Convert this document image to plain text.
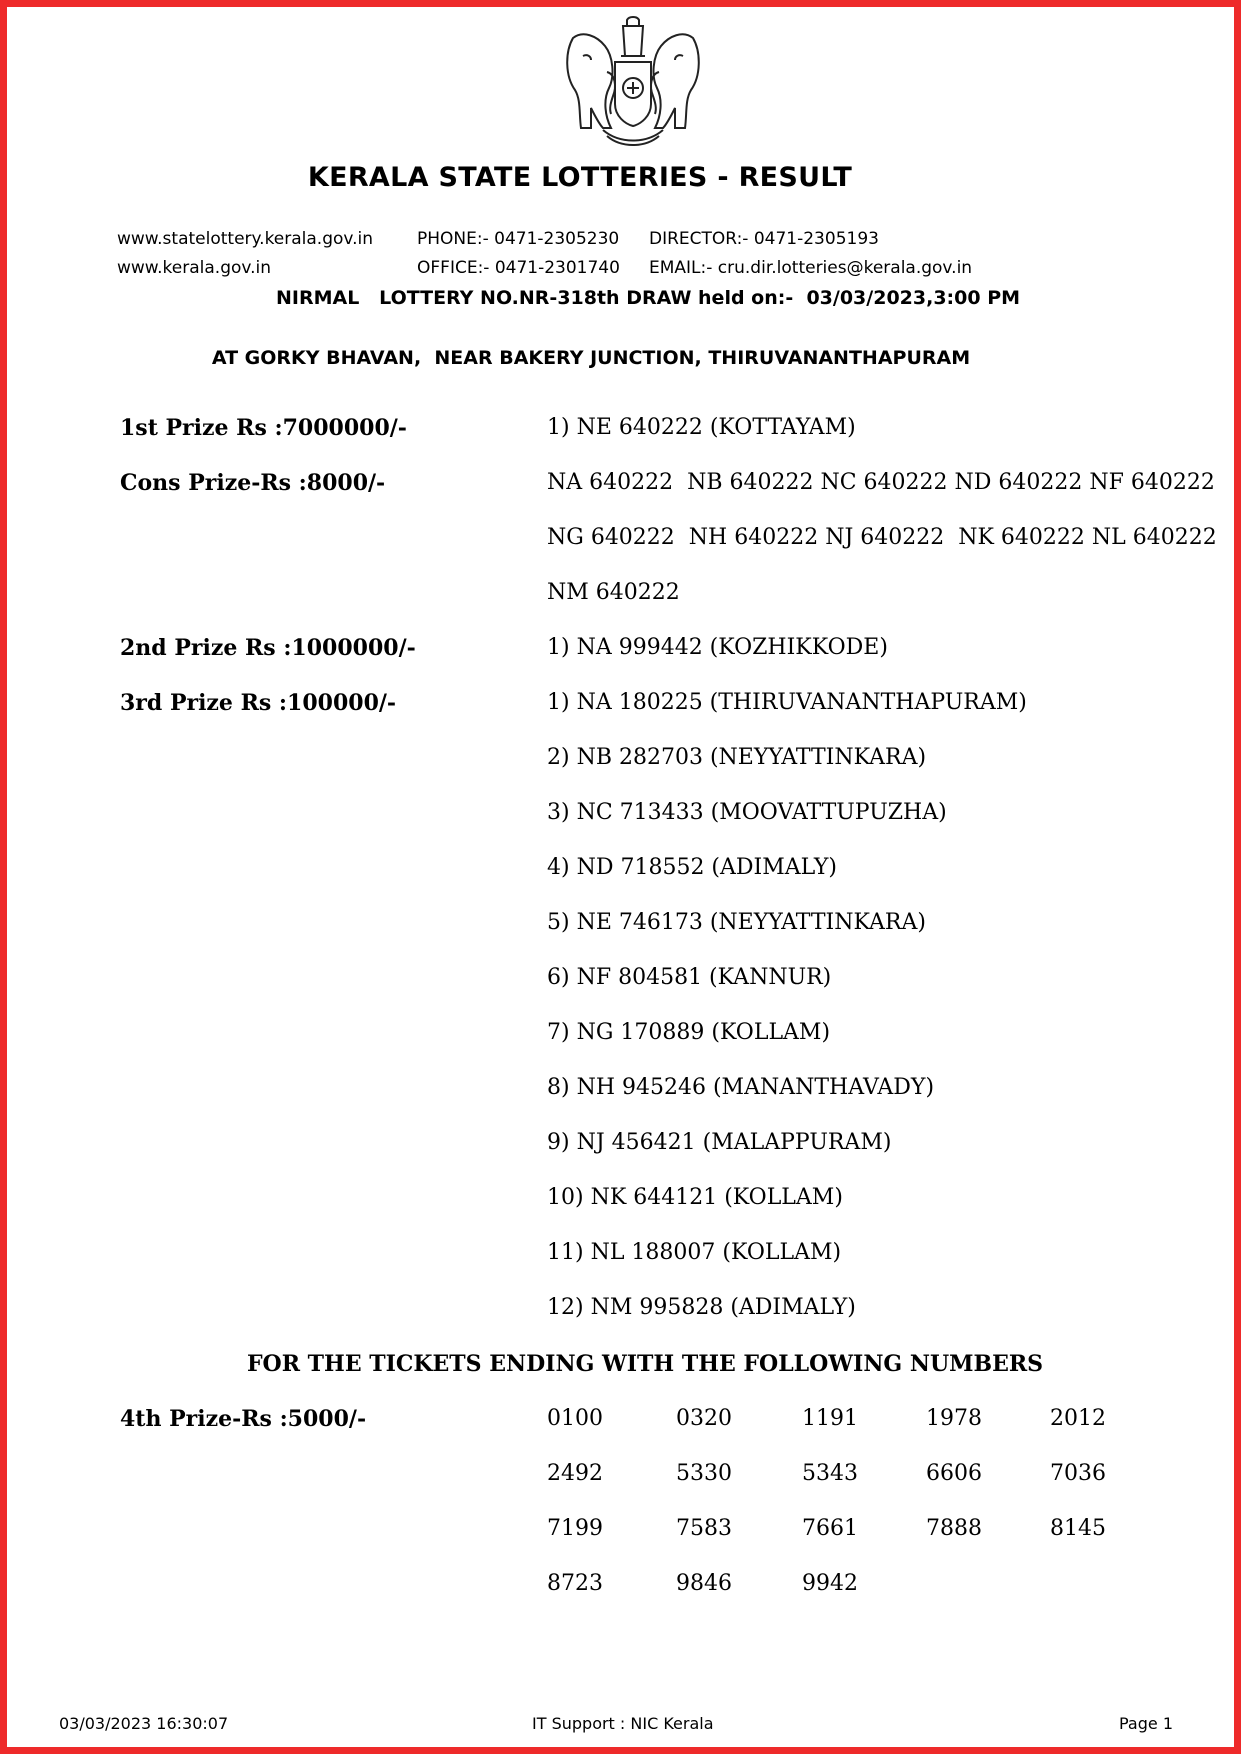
KERALA STATE LOTTERIES - RESULT
www.statelottery.kerala.gov.in	PHONE:- 0471-2305230 DIRECTOR:- 0471-2305193
www.kerala.gov.in	OFFICE:- 0471-2301740 EMAIL:- cru.dir.lotteries@kerala.gov.in
NIRMAL   LOTTERY NO.NR-318th DRAW held on:-  03/03/2023,3:00 PM
AT GORKY BHAVAN,  NEAR BAKERY JUNCTION, THIRUVANANTHAPURAM
1st Prize Rs :7000000/-	1) NE 640222 (KOTTAYAM)
Cons Prize-Rs :8000/-	NA 640222  NB 640222 NC 640222 ND 640222 NF 640222
NG 640222  NH 640222 NJ 640222  NK 640222 NL 640222
NM 640222
2nd Prize Rs :1000000/-	1) NA 999442 (KOZHIKKODE)
3rd Prize Rs :100000/-	1) NA 180225 (THIRUVANANTHAPURAM)
2) NB 282703 (NEYYATTINKARA)
3) NC 713433 (MOOVATTUPUZHA)
4) ND 718552 (ADIMALY)
5) NE 746173 (NEYYATTINKARA)
6) NF 804581 (KANNUR)
7) NG 170889 (KOLLAM)
8) NH 945246 (MANANTHAVADY)
9) NJ 456421 (MALAPPURAM)
10) NK 644121 (KOLLAM)
11) NL 188007 (KOLLAM)
12) NM 995828 (ADIMALY)
FOR THE TICKETS ENDING WITH THE FOLLOWING NUMBERS
4th Prize-Rs :5000/-	0100	0320	1191	1978	2012
2492	5330	5343	6606	7036
7199	7583	7661	7888	8145
8723	9846	9942
03/03/2023 16:30:07	IT Support : NIC Kerala	Page 1
